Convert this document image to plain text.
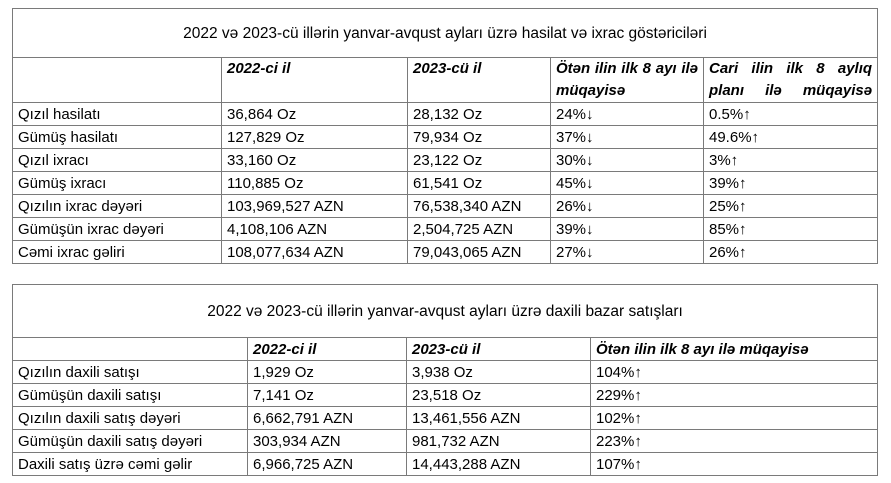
2022 və 2023-cü illərin yanvar-avqust ayları üzrə hasilat və ixrac göstəriciləri				
	2022-ci il	2023-cü il	Ötən ilin ilk 8 ayı ilə müqayisə	Cari ilin ilk 8 aylıq planı ilə müqayisə

Qızıl hasilatı	36,864 Oz	28,132 Oz	24%↓	0.5%↑
Gümüş hasilatı	127,829 Oz	79,934 Oz	37%↓	49.6%↑
Qızıl ixracı	33,160 Oz	23,122 Oz	30%↓	3%↑
Gümüş ixracı	110,885 Oz	61,541 Oz	45%↓	39%↑
Qızılın ixrac dəyəri	103,969,527 AZN	76,538,340 AZN	26%↓	25%↑
Gümüşün ixrac dəyəri	4,108,106 AZN	2,504,725 AZN	39%↓	85%↑
Cəmi ixrac gəliri	108,077,634 AZN	79,043,065 AZN	27%↓	26%↑
2022 və 2023-cü illərin yanvar-avqust ayları üzrə daxili bazar satışları			
	2022-ci il	2023-cü il	Ötən ilin ilk 8 ayı ilə müqayisə
Qızılın daxili satışı	1,929 Oz	3,938 Oz	104%↑
Gümüşün daxili satışı	7,141 Oz	23,518 Oz	229%↑
Qızılın daxili satış dəyəri	6,662,791 AZN	13,461,556 AZN	102%↑
Gümüşün daxili satış dəyəri	303,934 AZN	981,732 AZN	223%↑
Daxili satış üzrə cəmi gəlir	6,966,725 AZN	14,443,288 AZN	107%↑
